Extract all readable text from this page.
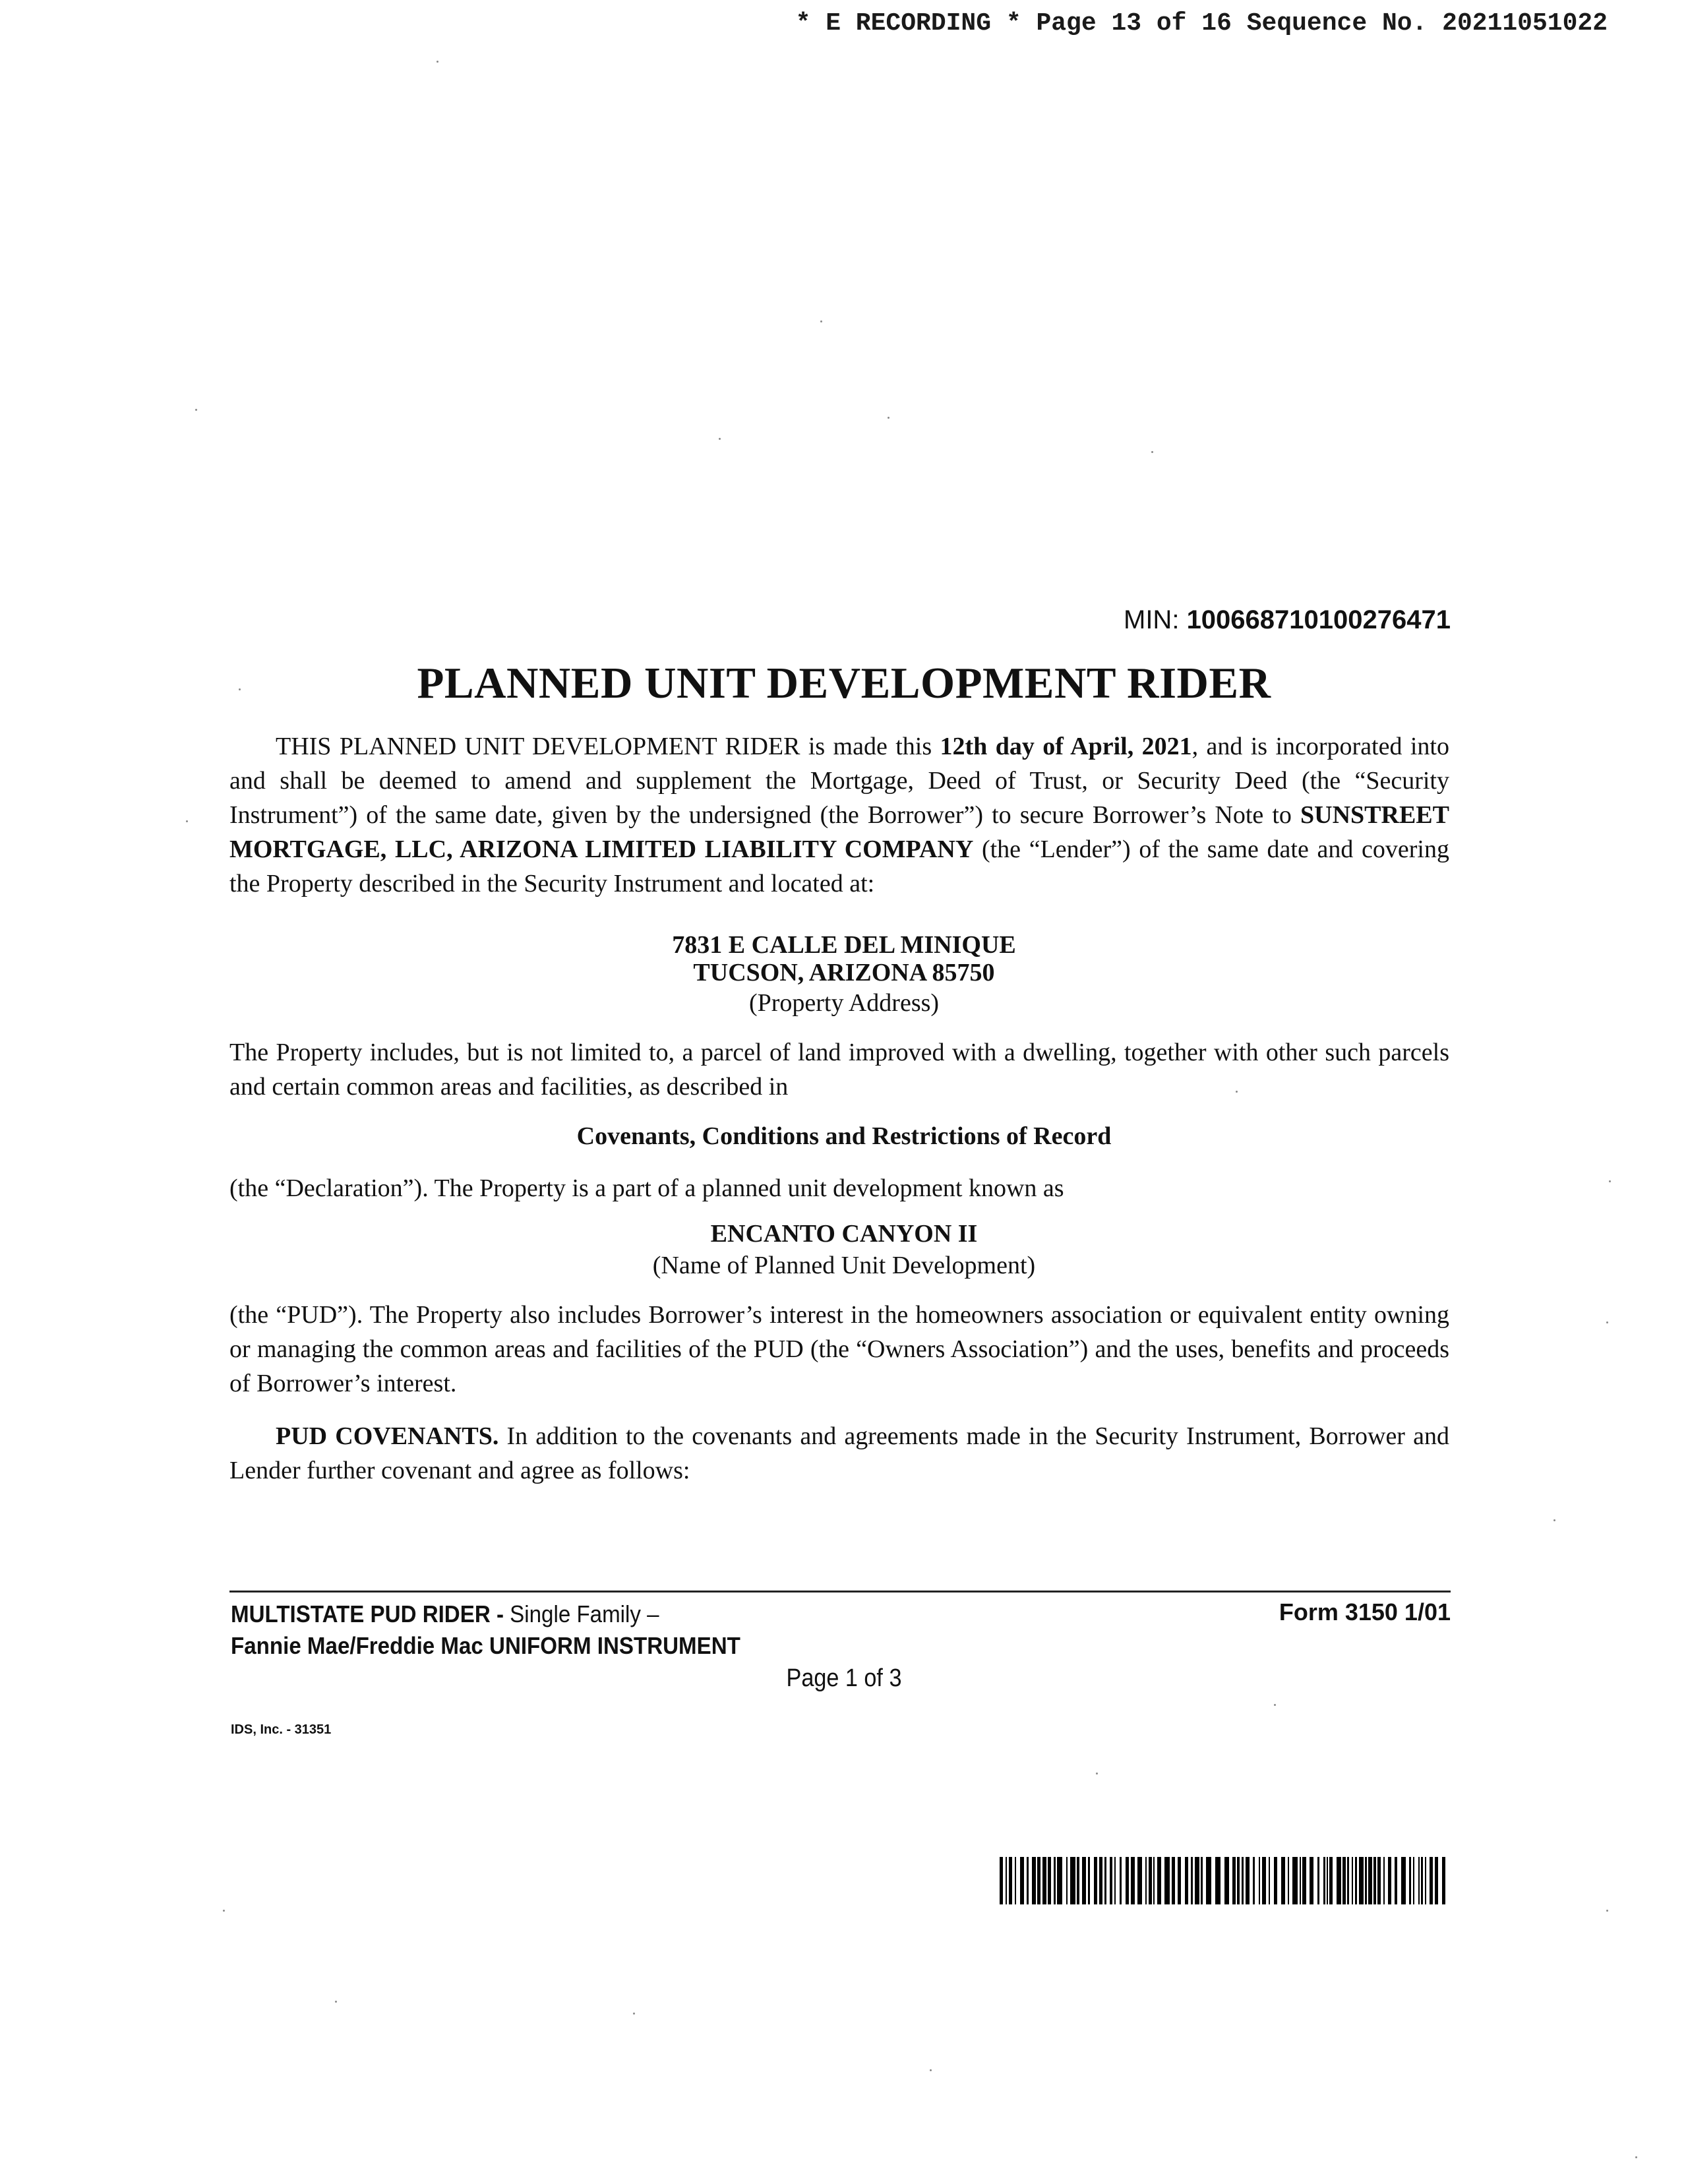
* E RECORDING * Page 13 of 16 Sequence No. 20211051022
MIN: 100668710100276471
PLANNED UNIT DEVELOPMENT RIDER

THIS PLANNED UNIT DEVELOPMENT RIDER is made this 12th day of April, 2021, and is incorporated into and shall be deemed to amend and supplement the Mortgage, Deed of Trust, or Security Deed (the “Security Instrument”) of the same date, given by the undersigned (the Borrower”) to secure Borrower’s Note to SUNSTREET MORTGAGE, LLC, ARIZONA LIMITED LIABILITY COMPANY (the “Lender”) of the same date and covering the Property described in the Security Instrument and located at:

7831 E CALLE DEL MINIQUE
TUCSON, ARIZONA 85750
(Property Address)

The Property includes, but is not limited to, a parcel of land improved with a dwelling, together with other such parcels and certain common areas and facilities, as described in

Covenants, Conditions and Restrictions of Record

(the “Declaration”). The Property is a part of a planned unit development known as

ENCANTO CANYON II
(Name of Planned Unit Development)

(the “PUD”). The Property also includes Borrower’s interest in the homeowners association or equivalent entity owning or managing the common areas and facilities of the PUD (the “Owners Association”) and the uses, benefits and proceeds of Borrower’s interest.

PUD COVENANTS. In addition to the covenants and agreements made in the Security Instrument, Borrower and Lender further covenant and agree as follows:

MULTISTATE PUD RIDER - Single Family –
Fannie Mae/Freddie Mac UNIFORM INSTRUMENT
Form 3150 1/01
Page 1 of 3
IDS, Inc. - 31351
